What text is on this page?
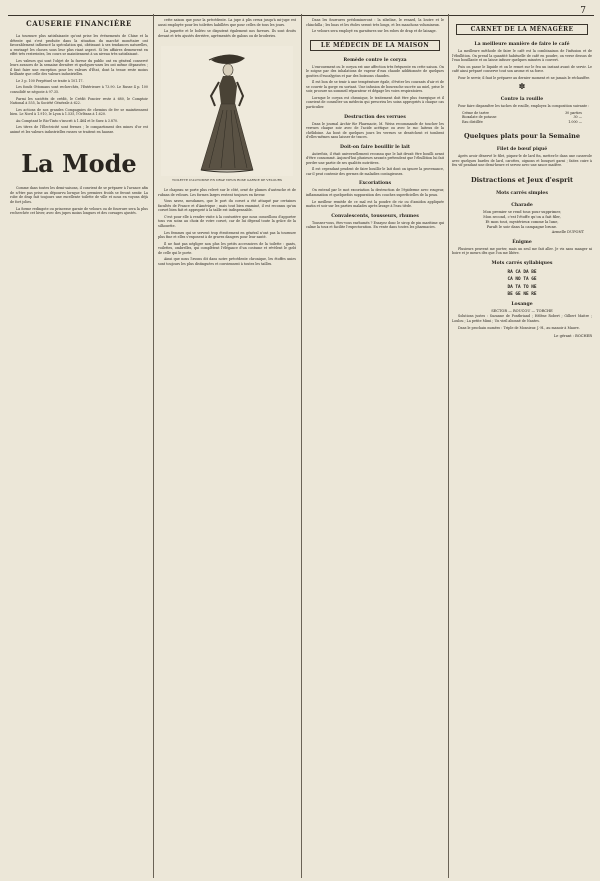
7
CAUSERIE FINANCIÈRE

La tournure plus satisfaisante qu'ont prise les événements de Chine et la détente qui s'est produite dans la situation du marché monétaire ont favorablement influencé la spéculation qui, obéissant à ses tendances naturelles, a envisagé les choses sous leur plus riant aspect. Si les affaires demeurent en effet très restreintes, les cours se maintiennent à un niveau très satisfaisant.

Les valeurs qui sont l'objet de la faveur du public ont en général conservé leurs avances de la semaine dernière et quelques-unes les ont même dépassées ; il faut faire une exception pour les valeurs d'État, dont la tenue reste moins brillante que celle des valeurs industrielles.

Le 3 p. 100 Perpétuel se traite à 101.17.

Les fonds Ottomans sont recherchés, l'Extérieure à 73.90. Le Russe 4 p. 100 consolidé se négocie à 97.35.

Parmi les sociétés de crédit, le Crédit Foncier reste à 680, le Comptoir National à 555, la Société Générale à 622.

Les actions de nos grandes Compagnies de chemins de fer se maintiennent bien. Le Nord à 1.910, le Lyon à 1.535, l'Orléans à 1.620.

Au Comptant le Rio-Tinto s'inscrit à 1.464 et le Suez à 3.870.

Les titres de l'Électricité sont fermes ; le compartiment des mines d'or est animé et les valeurs industrielles russes se traitent en hausse.

La Mode

Comme dans toutes les demi-saisons, il convient de se préparer à l'avance afin de n'être pas prise au dépourvu lorsque les premiers froids se feront sentir. La robe de drap fait toujours une excellente toilette de ville et nous en voyons déjà de fort jolies.

La forme redingote ou princesse garnie de velours ou de fourrure sera la plus recherchée cet hiver, avec des jupes moins longues et des corsages ajustés.

cette saison que pour la précédente. La jupe à plis creux jusqu'à mi-jupe est aussi employée pour les toilettes habillées que pour celles de tous les jours.

La jaquette et le boléro se disputent également nos faveurs. Ils sont droits devant et très ajustés derrière, agrémentés de galons ou de broderies.

TOILETTE D'AUTOMNE EN DRAP VIEUX ROSE GARNIE DE VELOURS

Le chapeau se porte plus relevé sur le côté, orné de plumes d'autruche et de rubans de velours. Les formes larges restent toujours en faveur.

Vous savez, mesdames, que le port du corset a été attaqué par certaines facultés de France et d'Amérique ; mais tout bien examiné, il est reconnu qu'un corset bien fait et approprié à la taille est indispensable.

C'est pour elle à rendre visite à la couturière que nous conseillons d'apporter tous vos soins au choix de votre corset, car de lui dépend toute la grâce de la silhouette.

Les femmes qui se servent trop étroitement en général n'ont pas la tournure plus fine et elles s'exposent à de graves dangers pour leur santé.

Il ne faut pas négliger non plus les petits accessoires de la toilette : gants, voilettes, ombrelles, qui complètent l'élégance d'un costume et révèlent le goût de celle qui le porte.

Ainsi que nous l'avons dit dans notre précédente chronique, les étoffes unies sont toujours les plus distinguées et conviennent à toutes les tailles.

Dans les fourrures prédomineront : la zibeline, le renard, la loutre et le chinchilla ; les boas et les étoles seront très longs, et les manchons volumineux.

Le velours sera employé en garnitures sur les robes de drap et de lainage.

LE MÉDECIN DE LA MAISON
Remède contre le coryza

L'enrouement ou le coryza est une affection très fréquente en cette saison. On le soigne par des inhalations de vapeur d'eau chaude additionnée de quelques gouttes d'eucalyptus et par des boissons chaudes.

Il est bon de se tenir à une température égale, d'éviter les courants d'air et de se couvrir la gorge en sortant. Une infusion de bourrache sucrée au miel, prise le soir, procure un sommeil réparateur et dégage les voies respiratoires.

Lorsque le coryza est chronique, le traitement doit être plus énergique et il convient de consulter un médecin qui prescrira les soins appropriés à chaque cas particulier.

Destruction des verrues

Dans le journal Archiv für Pharmacie, M. Weiss recommande de toucher les verrues chaque soir avec de l'acide acétique ou avec le suc laiteux de la chélidoine. Au bout de quelques jours les verrues se dessèchent et tombent d'elles-mêmes sans laisser de traces.

Doit-on faire bouillir le lait

Autrefois, il était universellement reconnu que le lait devait être bouilli avant d'être consommé. Aujourd'hui plusieurs savants prétendent que l'ébullition lui fait perdre une partie de ses qualités nutritives.

Il est cependant prudent de faire bouillir le lait dont on ignore la provenance, car il peut contenir des germes de maladies contagieuses.

Excoriations

On entend par le mot excoriation la destruction de l'épiderme avec rougeur, inflammation et quelquefois suppuration des couches superficielles de la peau.

Le meilleur remède de ce mal est la poudre de riz ou d'amidon appliquée matin et soir sur les parties malades après lavage à l'eau tiède.

Convalescents, tousseurs, rhumes

Toussez-vous, êtes-vous enrhumés ? Essayez donc le sirop de pin maritime qui calme la toux et facilite l'expectoration. En vente dans toutes les pharmacies.

CARNET DE LA MÉNAGÈRE
La meilleure manière de faire le café

La meilleure méthode de faire le café est la combinaison de l'infusion et de l'ébullition. On prend la quantité habituelle de café en poudre, on verse dessus de l'eau bouillante et on laisse infuser quelques minutes à couvert.

Puis on passe le liquide et on le remet sur le feu un instant avant de servir. Le café ainsi préparé conserve tout son arome et sa force.

Pour le servir, il faut le préparer au dernier moment et ne jamais le réchauffer.

✽
Contre la rouille

Pour faire disparaître les taches de rouille, employez la composition suivante :

Crème de tartre	30 parties
Bioxalate de potasse	30 —
Eau distillée	1.000 —
Quelques plats pour la Semaine
Filet de bœuf piqué

Après avoir dénervé le filet, piquez-le de lard fin, mettez-le dans une casserole avec quelques bardes de lard, carottes, oignons et bouquet garni ; faites cuire à feu vif pendant une demi-heure et servez avec une sauce madère.

Distractions et Jeux d'esprit
Mots carrés simples
Charade
Mon premier se rend tous pour supprimer,
Mon second, c'est l'étoffe qu'on a fait filer,
Et mon tout, mystérieux comme la lune,
Paraît le soir dans la campagne brune.
Armelle DUPONT
Énigme

Plusieurs peuvent me porter, mais un seul me fait aller. Je vis sans manger ni boire et je meurs dès que l'on me libère.

Mots carrés syllabiques
RA CA DA BE
CA NO TA GE
DA TA TO NE
BE GE NE RE
Losange
SECTOR — ROUCOU — TORCHE

Solutions justes : Suzanne de Pontbriand ; Hélène Robert ; Gilbert Maitre ; Loulou ; La petite Mimi ; Un vieil abonné de Nantes.

Dans le prochain numéro : Triple de Monsieur. J.-H., au manoir à Mauve.

Le gérant : BOCHER
